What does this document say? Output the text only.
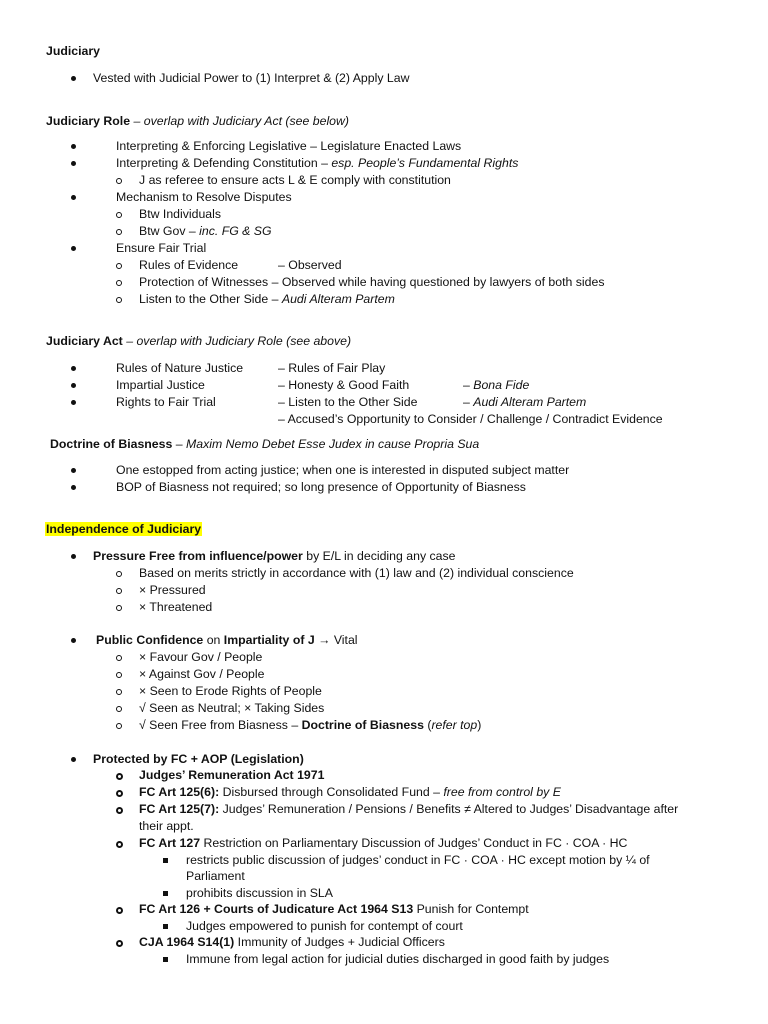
Judiciary
Vested with Judicial Power to (1) Interpret & (2) Apply Law
Judiciary Role – overlap with Judiciary Act (see below)
Interpreting & Enforcing Legislative – Legislature Enacted Laws
Interpreting & Defending Constitution – esp. People’s Fundamental Rights
J as referee to ensure acts L & E comply with constitution
Mechanism to Resolve Disputes
Btw Individuals
Btw Gov – inc. FG & SG
Ensure Fair Trial
Rules of Evidence	– Observed
Protection of Witnesses – Observed while having questioned by lawyers of both sides
Listen to the Other Side – Audi Alteram Partem
Judiciary Act – overlap with Judiciary Role (see above)
Rules of Nature Justice	– Rules of Fair Play
Impartial Justice	– Honesty & Good Faith	– Bona Fide
Rights to Fair Trial	– Listen to the Other Side	– Audi Alteram Partem
– Accused’s Opportunity to Consider / Challenge / Contradict Evidence
Doctrine of Biasness – Maxim Nemo Debet Esse Judex in cause Propria Sua
One estopped from acting justice; when one is interested in disputed subject matter
BOP of Biasness not required; so long presence of Opportunity of Biasness
Independence of Judiciary
Pressure Free from influence/power by E/L in deciding any case
Based on merits strictly in accordance with (1) law and (2) individual conscience
× Pressured
× Threatened
Public Confidence on Impartiality of J → Vital
× Favour Gov / People
× Against Gov / People
× Seen to Erode Rights of People
√ Seen as Neutral; × Taking Sides
√ Seen Free from Biasness – Doctrine of Biasness (refer top)
Protected by FC + AOP (Legislation)
Judges’ Remuneration Act 1971
FC Art 125(6): Disbursed through Consolidated Fund – free from control by E
FC Art 125(7): Judges’ Remuneration / Pensions / Benefits ≠ Altered to Judges’ Disadvantage after
their appt.
FC Art 127 Restriction on Parliamentary Discussion of Judges’ Conduct in FC · COA · HC
restricts public discussion of judges’ conduct in FC · COA · HC except motion by ¼ of
Parliament
prohibits discussion in SLA
FC Art 126 + Courts of Judicature Act 1964 S13 Punish for Contempt
Judges empowered to punish for contempt of court
CJA 1964 S14(1) Immunity of Judges + Judicial Officers
Immune from legal action for judicial duties discharged in good faith by judges
